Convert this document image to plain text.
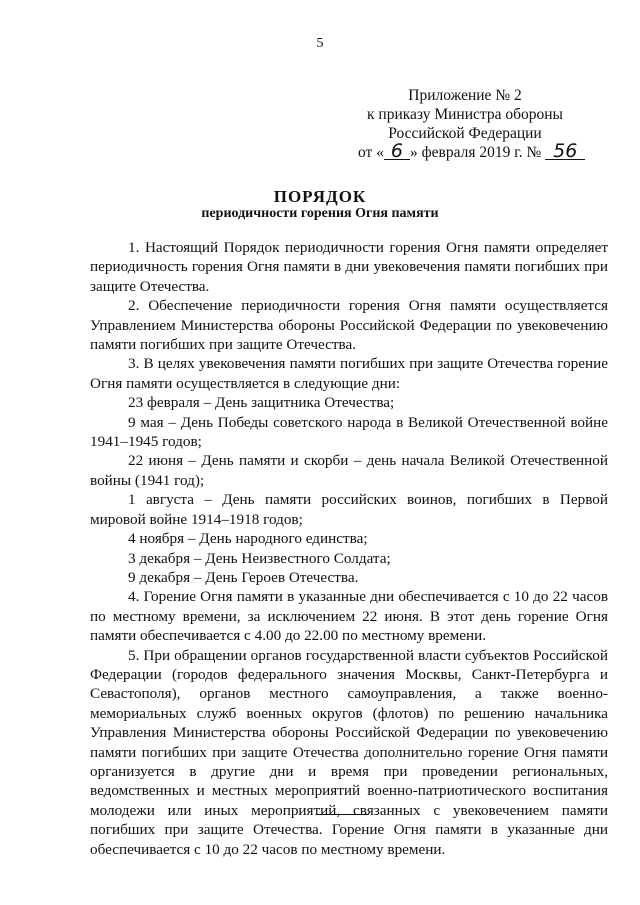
5
Приложение № 2
к приказу Министра обороны
Российской Федерации
от « 6 » февраля 2019 г. № 56
ПОРЯДОК
периодичности горения Огня памяти

1. Настоящий Порядок периодичности горения Огня памяти определяет периодичность горения Огня памяти в дни увековечения памяти погибших при защите Отечества.

2. Обеспечение периодичности горения Огня памяти осуществляется Управлением Министерства обороны Российской Федерации по увековечению памяти погибших при защите Отечества.

3. В целях увековечения памяти погибших при защите Отечества горение Огня памяти осуществляется в следующие дни:

23 февраля – День защитника Отечества;

9 мая – День Победы советского народа в Великой Отечественной войне 1941–1945 годов;

22 июня – День памяти и скорби – день начала Великой Отечественной войны (1941 год);

1 августа – День памяти российских воинов, погибших в Первой мировой войне 1914–1918 годов;

4 ноября – День народного единства;

3 декабря – День Неизвестного Солдата;

9 декабря – День Героев Отечества.

4. Горение Огня памяти в указанные дни обеспечивается с 10 до 22 часов по местному времени, за исключением 22 июня. В этот день горение Огня памяти обеспечивается с 4.00 до 22.00 по местному времени.

5. При обращении органов государственной власти субъектов Российской Федерации (городов федерального значения Москвы, Санкт-Петербурга и Севастополя), органов местного самоуправления, а также военно-мемориальных служб военных округов (флотов) по решению начальника Управления Министерства обороны Российской Федерации по увековечению памяти погибших при защите Отечества дополнительно горение Огня памяти организуется в другие дни и время при проведении региональных, ведомственных и местных мероприятий военно-патриотического воспитания молодежи или иных мероприятий, связанных с увековечением памяти погибших при защите Отечества. Горение Огня памяти в указанные дни обеспечивается с 10 до 22 часов по местному времени.
